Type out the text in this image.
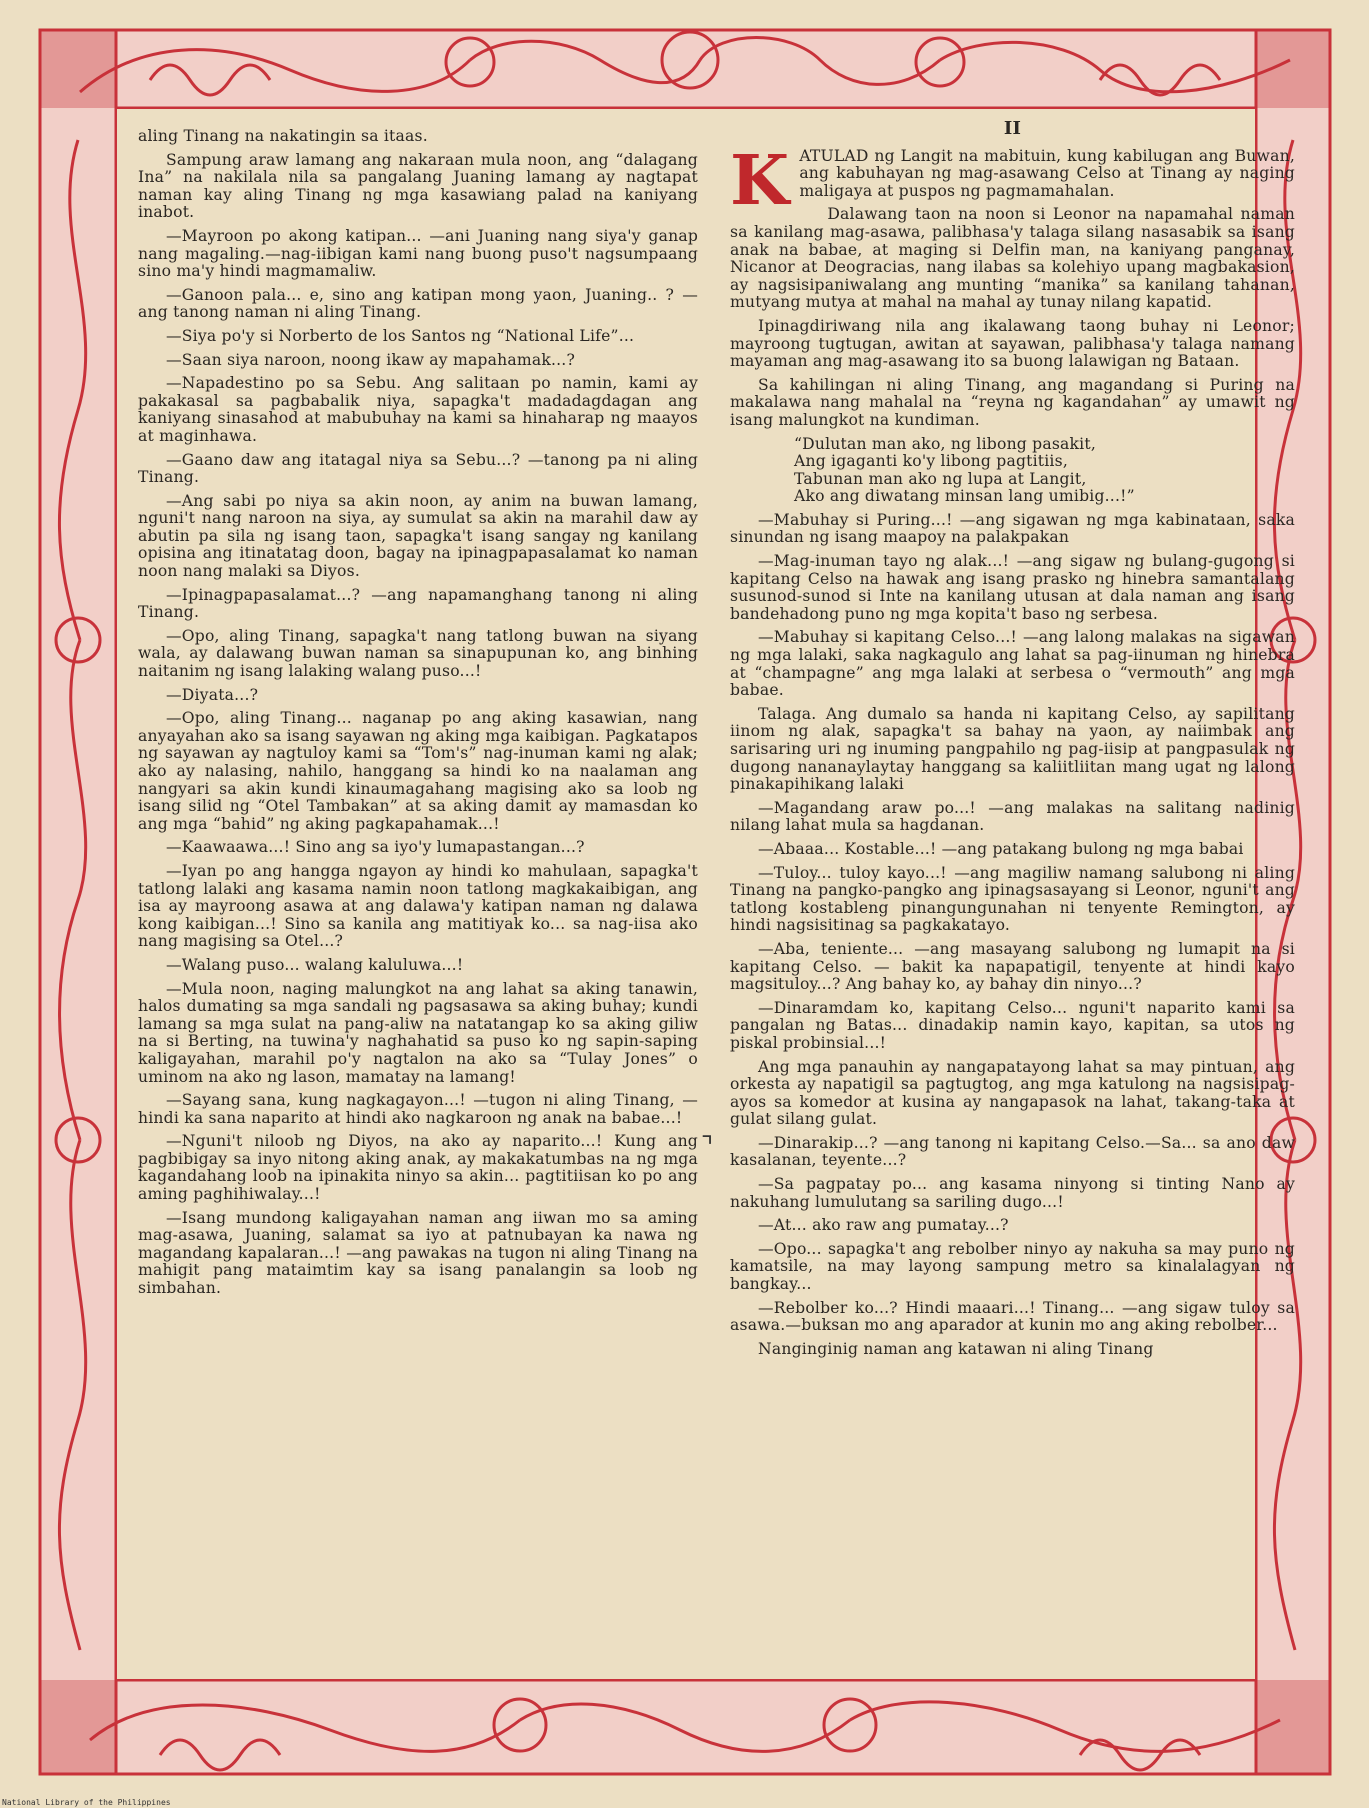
aling Tinang na nakatingin sa itaas.

Sampung araw lamang ang nakaraan mula noon, ang “dalagang Ina” na nakilala nila sa pangalang Juaning lamang ay nagtapat naman kay aling Tinang ng mga kasawiang palad na kaniyang inabot.

—Mayroon po akong katipan... —ani Juaning nang siya'y ganap nang magaling.—nag-iibigan kami nang buong puso't nagsumpaang sino ma'y hindi magmamaliw.

—Ganoon pala... e, sino ang katipan mong yaon, Juaning.. ? —ang tanong naman ni aling Tinang.

—Siya po'y si Norberto de los Santos ng “National Life”...

—Saan siya naroon, noong ikaw ay mapahamak...?

—Napadestino po sa Sebu. Ang salitaan po namin, kami ay pakakasal sa pagbabalik niya, sapagka't madadagdagan ang kaniyang sinasahod at mabubuhay na kami sa hinaharap ng maayos at maginhawa.

—Gaano daw ang itatagal niya sa Sebu...? —tanong pa ni aling Tinang.

—Ang sabi po niya sa akin noon, ay anim na buwan lamang, nguni't nang naroon na siya, ay sumulat sa akin na marahil daw ay abutin pa sila ng isang taon, sapagka't isang sangay ng kanilang opisina ang itinatatag doon, bagay na ipinagpapasalamat ko naman noon nang malaki sa Diyos.

—Ipinagpapasalamat...? —ang napamanghang tanong ni aling Tinang.

—Opo, aling Tinang, sapagka't nang tatlong buwan na siyang wala, ay dalawang buwan naman sa sinapupunan ko, ang binhing naitanim ng isang lalaking walang puso...!

—Diyata...?

—Opo, aling Tinang... naganap po ang aking kasawian, nang anyayahan ako sa isang sayawan ng aking mga kaibigan. Pagkatapos ng sayawan ay nagtuloy kami sa “Tom's” nag-inuman kami ng alak; ako ay nalasing, nahilo, hanggang sa hindi ko na naalaman ang nangyari sa akin kundi kinaumagahang magising ako sa loob ng isang silid ng “Otel Tambakan” at sa aking damit ay mamasdan ko ang mga “bahid” ng aking pagkapahamak...!

—Kaawaawa...! Sino ang sa iyo'y lumapastangan...?

—Iyan po ang hangga ngayon ay hindi ko mahulaan, sapagka't tatlong lalaki ang kasama namin noon tatlong magkakaibigan, ang isa ay mayroong asawa at ang dalawa'y katipan naman ng dalawa kong kaibigan...! Sino sa kanila ang matitiyak ko... sa nag-iisa ako nang magising sa Otel...?

—Walang puso... walang kaluluwa...!

—Mula noon, naging malungkot na ang lahat sa aking tanawin, halos dumating sa mga sandali ng pagsasawa sa aking buhay; kundi lamang sa mga sulat na pang-aliw na natatangap ko sa aking giliw na si Berting, na tuwina'y naghahatid sa puso ko ng sapin-saping kaligayahan, marahil po'y nagtalon na ako sa “Tulay Jones” o uminom na ako ng lason, mamatay na lamang!

—Sayang sana, kung nagkagayon...! —tugon ni aling Tinang, —hindi ka sana naparito at hindi ako nagkaroon ng anak na babae...!

—Nguni't niloob ng Diyos, na ako ay naparito...! Kung ang pagbibigay sa inyo nitong aking anak, ay makakatumbas na ng mga kagandahang loob na ipinakita ninyo sa akin... pagtitiisan ko po ang aming paghihiwalay...!

—Isang mundong kaligayahan naman ang iiwan mo sa aming mag-asawa, Juaning, salamat sa iyo at patnubayan ka nawa ng magandang kapalaran...! —ang pawakas na tugon ni aling Tinang na mahigit pang mataimtim kay sa isang panalangin sa loob ng simbahan.

⌝
II

KATULAD ng Langit na mabituin, kung kabilugan ang Buwan, ang kabuhayan ng mag-asawang Celso at Tinang ay naging maligaya at puspos ng pagmamahalan.

Dalawang taon na noon si Leonor na napamahal naman sa kanilang mag-asawa, palibhasa'y talaga silang nasasabik sa isang anak na babae, at maging si Delfin man, na kaniyang panganay, Nicanor at Deogracias, nang ilabas sa kolehiyo upang magbakasion, ay nagsisipaniwalang ang munting “manika” sa kanilang tahanan, mutyang mutya at mahal na mahal ay tunay nilang kapatid.

Ipinagdiriwang nila ang ikalawang taong buhay ni Leonor; mayroong tugtugan, awitan at sayawan, palibhasa'y talaga namang mayaman ang mag-asawang ito sa buong lalawigan ng Bataan.

Sa kahilingan ni aling Tinang, ang magandang si Puring na makalawa nang mahalal na “reyna ng kagandahan” ay umawit ng isang malungkot na kundiman.

“Dulutan man ako, ng libong pasakit,

Ang igaganti ko'y libong pagtitiis,

Tabunan man ako ng lupa at Langit,

Ako ang diwatang minsan lang umibig...!”

—Mabuhay si Puring...! —ang sigawan ng mga kabinataan, saka sinundan ng isang maapoy na palakpakan

—Mag-inuman tayo ng alak...! —ang sigaw ng bulang-gugong si kapitang Celso na hawak ang isang prasko ng hinebra samantalang susunod-sunod si Inte na kanilang utusan at dala naman ang isang bandehadong puno ng mga kopita't baso ng serbesa.

—Mabuhay si kapitang Celso...! —ang lalong malakas na sigawan ng mga lalaki, saka nagkagulo ang lahat sa pag-iinuman ng hinebra at “champagne” ang mga lalaki at serbesa o “vermouth” ang mga babae.

Talaga. Ang dumalo sa handa ni kapitang Celso, ay sapilitang iinom ng alak, sapagka't sa bahay na yaon, ay naiimbak ang sarisaring uri ng inuming pangpahilo ng pag-iisip at pangpasulak ng dugong nananaylaytay hanggang sa kaliitliitan mang ugat ng lalong pinakapihikang lalaki

—Magandang araw po...! —ang malakas na salitang nadinig nilang lahat mula sa hagdanan.

—Abaaa... Kostable...! —ang patakang bulong ng mga babai

—Tuloy... tuloy kayo...! —ang magiliw namang salubong ni aling Tinang na pangko-pangko ang ipinagsasayang si Leonor, nguni't ang tatlong kostableng pinangungunahan ni tenyente Remington, ay hindi nagsisitinag sa pagkakatayo.

—Aba, teniente... —ang masayang salubong ng lumapit na si kapitang Celso. — bakit ka napapatigil, tenyente at hindi kayo magsituloy...? Ang bahay ko, ay bahay din ninyo...?

—Dinaramdam ko, kapitang Celso... nguni't naparito kami sa pangalan ng Batas... dinadakip namin kayo, kapitan, sa utos ng piskal probinsial...!

Ang mga panauhin ay nangapatayong lahat sa may pintuan, ang orkesta ay napatigil sa pagtugtog, ang mga katulong na nagsisipag-ayos sa komedor at kusina ay nangapasok na lahat, takang-taka at gulat silang gulat.

—Dinarakip...? —ang tanong ni kapitang Celso.—Sa... sa ano daw kasalanan, teyente...?

—Sa pagpatay po... ang kasama ninyong si tinting Nano ay nakuhang lumulutang sa sariling dugo...!

—At... ako raw ang pumatay...?

—Opo... sapagka't ang rebolber ninyo ay nakuha sa may puno ng kamatsile, na may layong sampung metro sa kinalalagyan ng bangkay...

—Rebolber ko...? Hindi maaari...! Tinang... —ang sigaw tuloy sa asawa.—buksan mo ang aparador at kunin mo ang aking rebolber...

Nanginginig naman ang katawan ni aling Tinang

National Library of the Philippines
